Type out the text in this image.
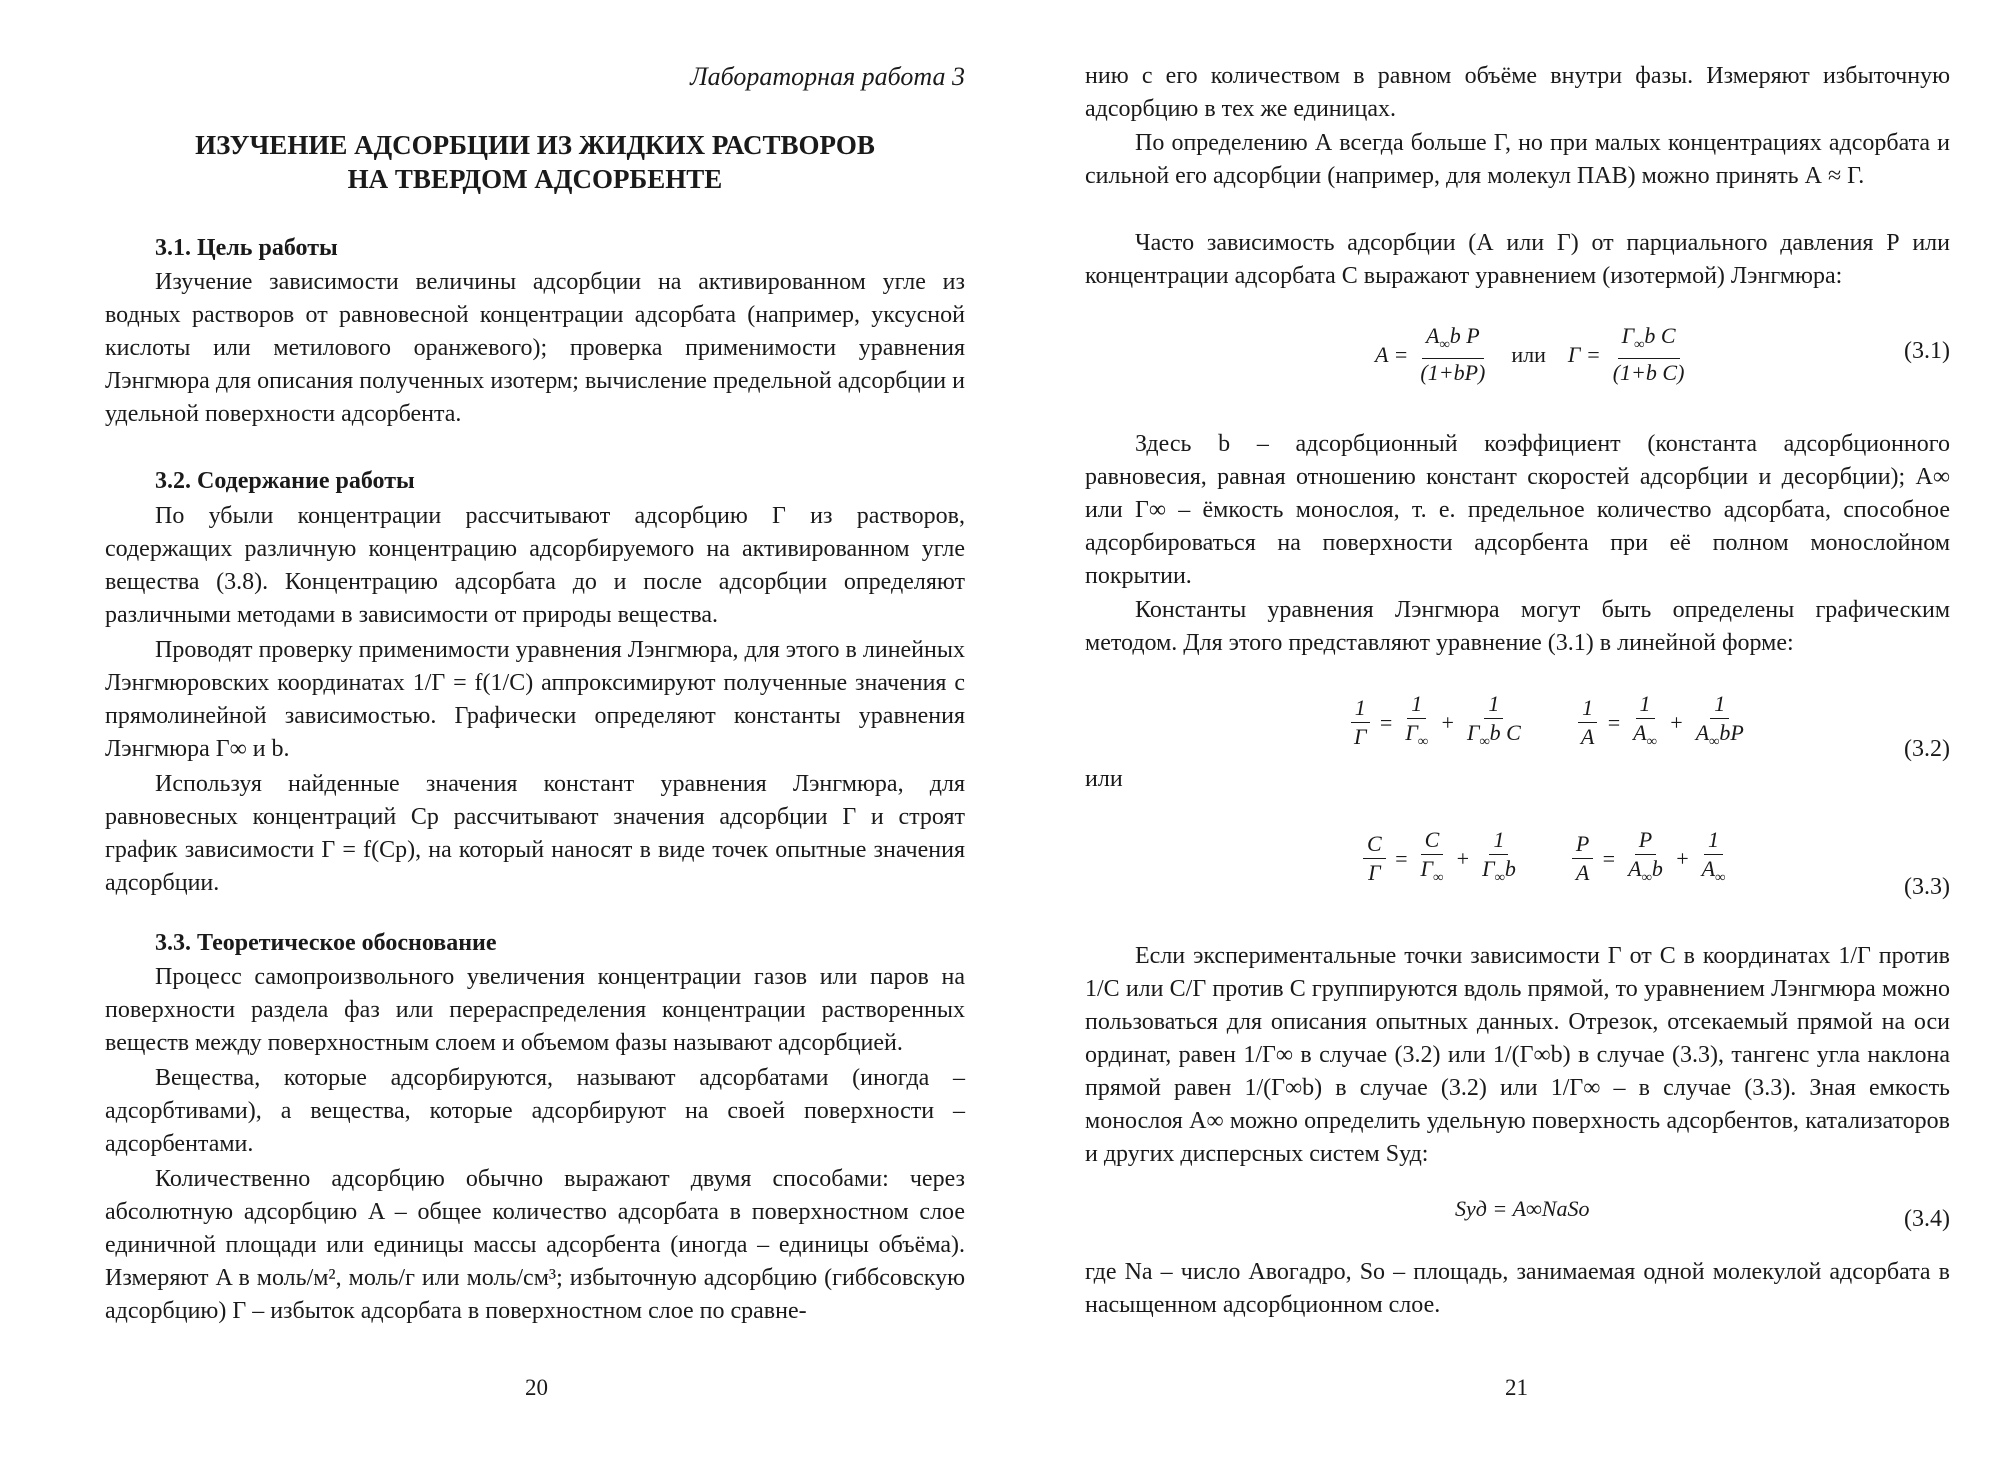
Лабораторная работа 3
ИЗУЧЕНИЕ АДСОРБЦИИ ИЗ ЖИДКИХ РАСТВОРОВ
НА ТВЕРДОМ АДСОРБЕНТЕ
3.1. Цель работы

Изучение зависимости величины адсорбции на активированном угле из водных растворов от равновесной концентрации адсорбата (например, уксусной кислоты или метилового оранжевого); проверка применимости уравнения Лэнгмюра для описания полученных изотерм; вычисление предельной адсорбции и удельной поверхности адсорбента.

3.2. Содержание работы

По убыли концентрации рассчитывают адсорбцию Г из растворов, содержащих различную концентрацию адсорбируемого на активированном угле вещества (3.8). Концентрацию адсорбата до и после адсорбции определяют различными методами в зависимости от природы вещества.

Проводят проверку применимости уравнения Лэнгмюра, для этого в линейных Лэнгмюровских координатах 1/Г = f(1/C) аппроксимируют полученные значения с прямолинейной зависимостью. Графически определяют константы уравнения Лэнгмюра Г∞ и b.

Используя найденные значения констант уравнения Лэнгмюра, для равновесных концентраций Cp рассчитывают значения адсорбции Г и строят график зависимости Г = f(Cp), на который наносят в виде точек опытные значения адсорбции.

3.3. Теоретическое обоснование

Процесс самопроизвольного увеличения концентрации газов или паров на поверхности раздела фаз или перераспределения концентрации растворенных веществ между поверхностным слоем и объемом фазы называют адсорбцией.

Вещества, которые адсорбируются, называют адсорбатами (иногда – адсорбтивами), а вещества, которые адсорбируют на своей поверхности – адсорбентами.

Количественно адсорбцию обычно выражают двумя способами: через абсолютную адсорбцию A – общее количество адсорбата в поверхностном слое единичной площади или единицы массы адсорбента (иногда – единицы объёма). Измеряют A в моль/м², моль/г или моль/см³; избыточную адсорбцию (гиббсовскую адсорбцию) Г – избыток адсорбата в поверхностном слое по сравне-

20

нию с его количеством в равном объёме внутри фазы. Измеряют избыточную адсорбцию в тех же единицах.

По определению А всегда больше Г, но при малых концентрациях адсорбата и сильной его адсорбции (например, для молекул ПАВ) можно принять А ≈ Г.

Часто зависимость адсорбции (А или Г) от парциального давления Р или концентрации адсорбата С выражают уравнением (изотермой) Лэнгмюра:

$A = \frac{A_\infty b P}{(1+bP)}$ или $Г = \frac{Г_\infty b C}{\text{(1+b C)}}$	(3.1)

Здесь b – адсорбционный коэффициент (константа адсорбционного равновесия, равная отношению констант скоростей адсорбции и десорбции); A∞ или Г∞ – ёмкость монослоя, т. е. предельное количество адсорбата, способное адсорбироваться на поверхности адсорбента при её полном монослойном покрытии.

Константы уравнения Лэнгмюра могут быть определены графическим методом. Для этого представляют уравнение (3.1) в линейной форме:

$\frac{1}{Г} = \frac{1}{Г_\infty} + \frac{1}{Г_\infty b C} \frac{1}{A} = \frac{1}{A_\infty} + \frac{1}{A_\infty bP}$	(3.2)
или
$\frac{C}{Г} = \frac{C}{Г_\infty} + \frac{1}{Г_\infty b} \frac{P}{A} = \frac{P}{A_\infty b} + \frac{1}{A_\infty}$	(3.3)

Если экспериментальные точки зависимости Г от C в координатах 1/Г против 1/C или C/Г против C группируются вдоль прямой, то уравнением Лэнгмюра можно пользоваться для описания опытных данных. Отрезок, отсекаемый прямой на оси ординат, равен 1/Г∞ в случае (3.2) или 1/(Г∞b) в случае (3.3), тангенс угла наклона прямой равен 1/(Г∞b) в случае (3.2) или 1/Г∞ – в случае (3.3). Зная емкость монослоя A∞ можно определить удельную поверхность адсорбентов, катализаторов и других дисперсных систем Sуд:

Sуд = A∞NaSo	(3.4)

где Na – число Авогадро, So – площадь, занимаемая одной молекулой адсорбата в насыщенном адсорбционном слое.

21
